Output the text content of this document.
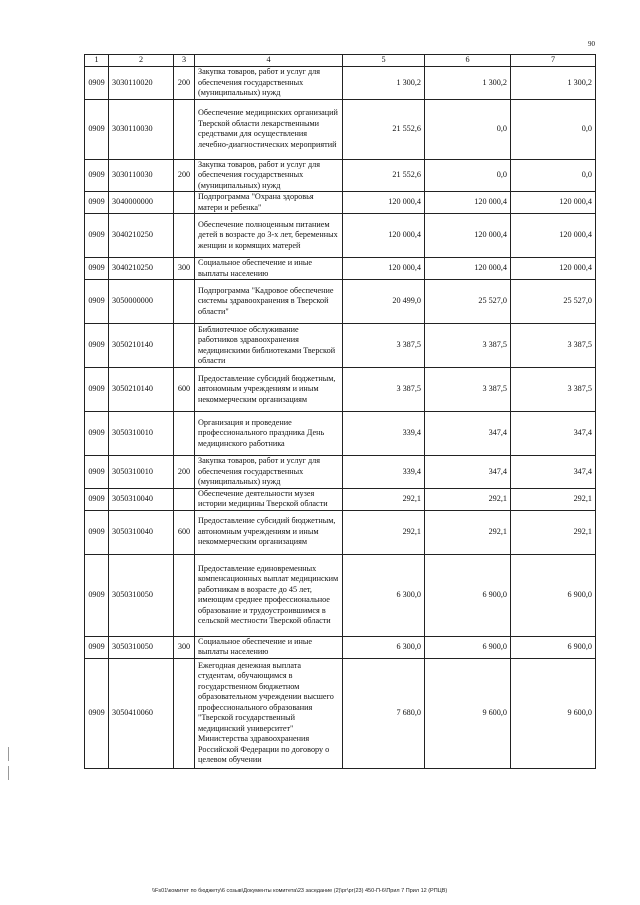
90
1	2	3	4	5	6	7
0909	3030110020	200	Закупка товаров, работ и услуг для обеспечения государственных (муниципальных) нужд	1 300,2	1 300,2	1 300,2
0909	3030110030		Обеспечение медицинских организаций Тверской области лекарственными средствами для осуществления лечебно-диагностических мероприятий	21 552,6	0,0	0,0
0909	3030110030	200	Закупка товаров, работ и услуг для обеспечения государственных (муниципальных) нужд	21 552,6	0,0	0,0
0909	3040000000		Подпрограмма "Охрана здоровья матери и ребенка"	120 000,4	120 000,4	120 000,4
0909	3040210250		Обеспечение полноценным питанием детей в возрасте до 3-х лет, беременных женщин и кормящих матерей	120 000,4	120 000,4	120 000,4
0909	3040210250	300	Социальное обеспечение и иные выплаты населению	120 000,4	120 000,4	120 000,4
0909	3050000000		Подпрограмма "Кадровое обеспечение системы здравоохранения в Тверской области"	20 499,0	25 527,0	25 527,0
0909	3050210140		Библиотечное обслуживание работников здравоохранения медицинскими библиотеками Тверской области	3 387,5	3 387,5	3 387,5
0909	3050210140	600	Предоставление субсидий бюджетным, автономным учреждениям и иным некоммерческим организациям	3 387,5	3 387,5	3 387,5
0909	3050310010		Организация и проведение профессионального праздника День медицинского работника	339,4	347,4	347,4
0909	3050310010	200	Закупка товаров, работ и услуг для обеспечения государственных (муниципальных) нужд	339,4	347,4	347,4
0909	3050310040		Обеспечение деятельности музея истории медицины Тверской области	292,1	292,1	292,1
0909	3050310040	600	Предоставление субсидий бюджетным, автономным учреждениям и иным некоммерческим организациям	292,1	292,1	292,1
0909	3050310050		Предоставление единовременных компенсационных выплат медицинским работникам в возрасте до 45 лет, имеющим среднее профессиональное образование и трудоустроившимся в сельской местности Тверской области	6 300,0	6 900,0	6 900,0
0909	3050310050	300	Социальное обеспечение и иные выплаты населению	6 300,0	6 900,0	6 900,0
0909	3050410060		Ежегодная денежная выплата студентам, обучающимся в государственном бюджетном образовательном учреждении высшего профессионального образования "Тверской государственный медицинский университет" Министерства здравоохранения Российской Федерации по договору о целевом обучении	7 680,0	9 600,0	9 600,0
\\Fs01\комитет по бюджету\6 созыв\Документы комитета\23 заседание (2)\рг\рг(23) 450-П-6\Прил 7 Прил 12 (РПЦВ)
